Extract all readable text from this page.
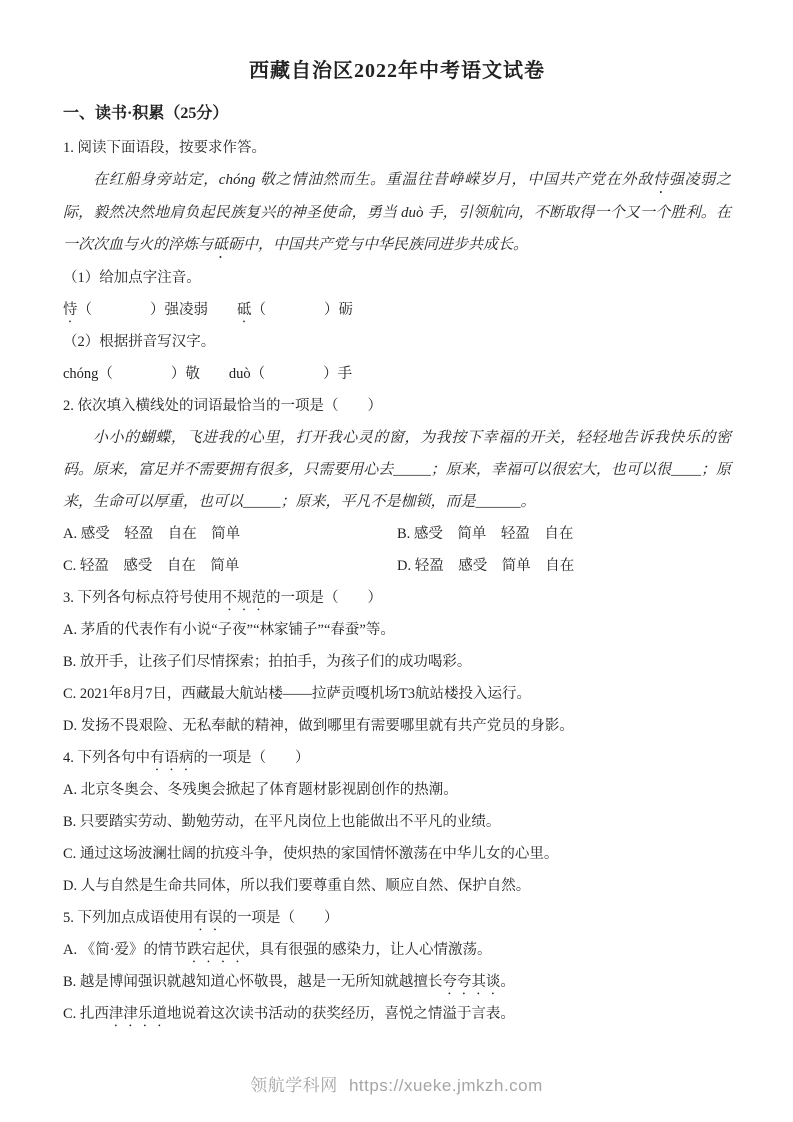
西藏自治区2022年中考语文试卷
一、读书·积累（25分）
1. 阅读下面语段，按要求作答。

在红船身旁站定，chóng 敬之情油然而生。重温往昔峥嵘岁月，中国共产党在外敌恃强凌弱之际，毅然决然地肩负起民族复兴的神圣使命，勇当 duò 手，引领航向，不断取得一个又一个胜利。在一次次血与火的淬炼与砥砺中，中国共产党与中华民族同进步共成长。

（1）给加点字注音。
恃（　　　　）强凌弱　　砥（　　　　）砺
（2）根据拼音写汉字。
chóng（　　　　）敬　　duò（　　　　）手
2. 依次填入横线处的词语最恰当的一项是（　　）

小小的蝴蝶，飞进我的心里，打开我心灵的窗，为我按下幸福的开关，轻轻地告诉我快乐的密码。原来，富足并不需要拥有很多，只需要用心去_____；原来，幸福可以很宏大，也可以很____；原来，生命可以厚重，也可以_____；原来，平凡不是枷锁，而是______。

A. 感受　轻盈　自在　简单	B. 感受　简单　轻盈　自在
C. 轻盈　感受　自在　简单	D. 轻盈　感受　简单　自在
3. 下列各句标点符号使用不规范的一项是（　　）
A. 茅盾的代表作有小说“子夜”“林家铺子”“春蚕”等。
B. 放开手，让孩子们尽情探索；拍拍手，为孩子们的成功喝彩。
C. 2021年8月7日，西藏最大航站楼——拉萨贡嘎机场T3航站楼投入运行。
D. 发扬不畏艰险、无私奉献的精神，做到哪里有需要哪里就有共产党员的身影。
4. 下列各句中有语病的一项是（　　）
A. 北京冬奥会、冬残奥会掀起了体育题材影视剧创作的热潮。
B. 只要踏实劳动、勤勉劳动，在平凡岗位上也能做出不平凡的业绩。
C. 通过这场波澜壮阔的抗疫斗争，使炽热的家国情怀激荡在中华儿女的心里。
D. 人与自然是生命共同体，所以我们要尊重自然、顺应自然、保护自然。
5. 下列加点成语使用有误的一项是（　　）
A. 《简·爱》的情节跌宕起伏，具有很强的感染力，让人心情激荡。
B. 越是博闻强识就越知道心怀敬畏，越是一无所知就越擅长夸夸其谈。
C. 扎西津津乐道地说着这次读书活动的获奖经历，喜悦之情溢于言表。
领航学科网 https://xueke.jmkzh.com
